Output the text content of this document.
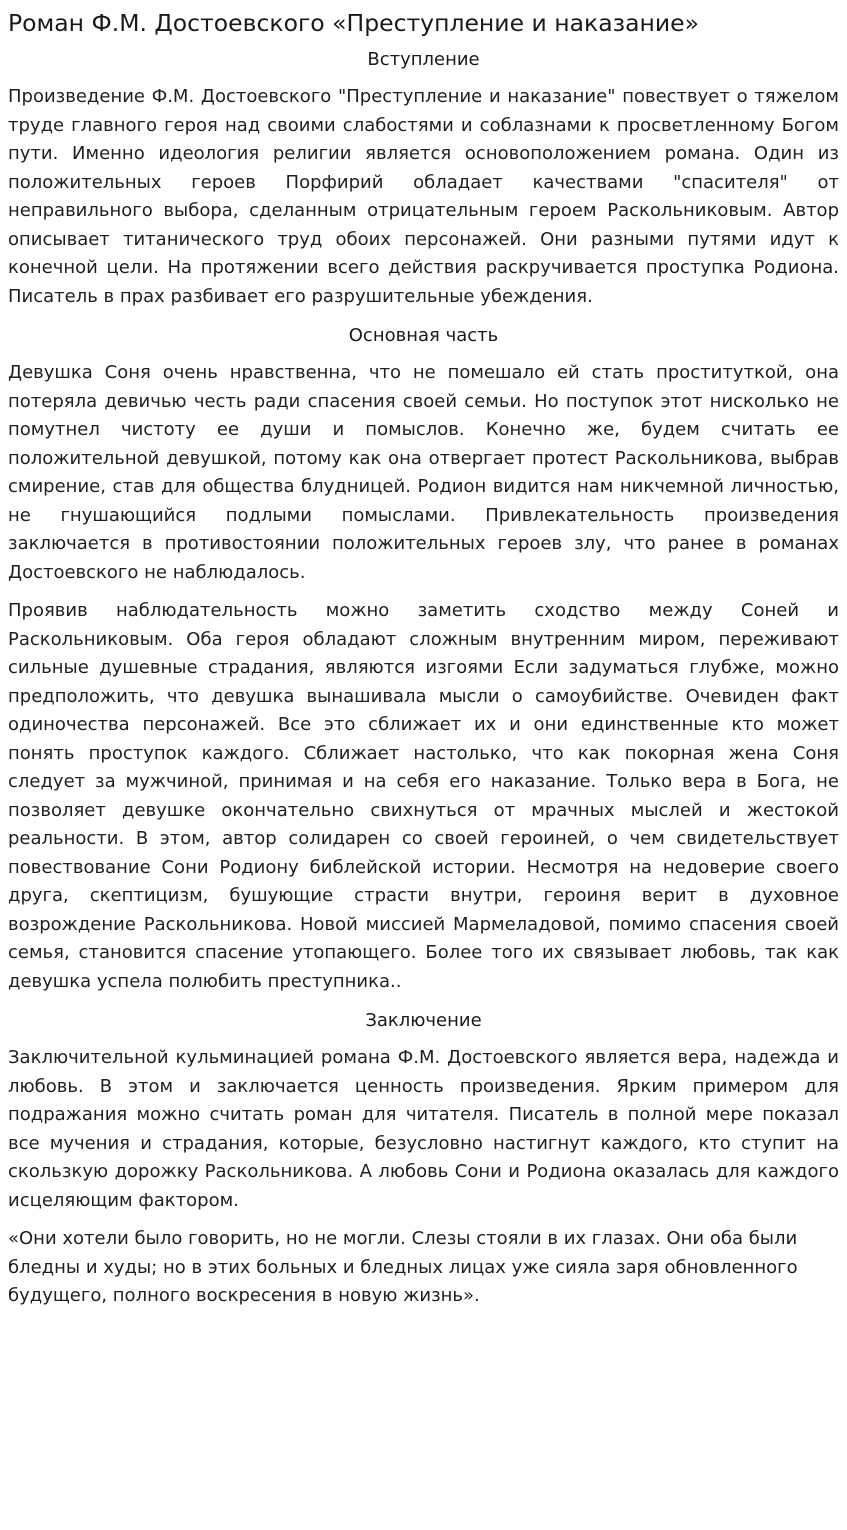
Роман Ф.М. Достоевского «Преступление и наказание»
Вступление

Произведение Ф.М. Достоевского "Преступление и наказание" повествует о тяжелом труде главного героя над своими слабостями и соблазнами к просветленному Богом пути. Именно идеология религии является основоположением романа. Один из положительных героев Порфирий обладает качествами "спасителя" от неправильного выбора, сделанным отрицательным героем Раскольниковым. Автор описывает титанического труд обоих персонажей. Они разными путями идут к конечной цели. На протяжении всего действия раскручивается проступка Родиона. Писатель в прах разбивает его разрушительные убеждения.

Основная часть

Девушка Соня очень нравственна, что не помешало ей стать проституткой, она потеряла девичью честь ради спасения своей семьи. Но поступок этот нисколько не помутнел чистоту ее души и помыслов. Конечно же, будем считать ее положительной девушкой, потому как она отвергает протест Раскольникова, выбрав смирение, став для общества блудницей. Родион видится нам никчемной личностью, не гнушающийся подлыми помыслами. Привлекательность произведения заключается в противостоянии положительных героев злу, что ранее в романах Достоевского не наблюдалось.

Проявив наблюдательность можно заметить сходство между Соней и Раскольниковым. Оба героя обладают сложным внутренним миром, переживают сильные душевные страдания, являются изгоями Если задуматься глубже, можно предположить, что девушка вынашивала мысли о самоубийстве. Очевиден факт одиночества персонажей. Все это сближает их и они единственные кто может понять проступок каждого. Сближает настолько, что как покорная жена Соня следует за мужчиной, принимая и на себя его наказание. Только вера в Бога, не позволяет девушке окончательно свихнуться от мрачных мыслей и жестокой реальности. В этом, автор солидарен со своей героиней, о чем свидетельствует повествование Сони Родиону библейской истории. Несмотря на недоверие своего друга, скептицизм, бушующие страсти внутри, героиня верит в духовное возрождение Раскольникова. Новой миссией Мармеладовой, помимо спасения своей семья, становится спасение утопающего. Более того их связывает любовь, так как девушка успела полюбить преступника..

Заключение

Заключительной кульминацией романа Ф.М. Достоевского является вера, надежда и любовь. В этом и заключается ценность произведения. Ярким примером для подражания можно считать роман для читателя. Писатель в полной мере показал все мучения и страдания, которые, безусловно настигнут каждого, кто ступит на скользкую дорожку Раскольникова. А любовь Сони и Родиона оказалась для каждого исцеляющим фактором.

«Они хотели было говорить, но не могли. Слезы стояли в их глазах. Они оба были бледны и худы; но в этих больных и бледных лицах уже сияла заря обновленного будущего, полного воскресения в новую жизнь».
